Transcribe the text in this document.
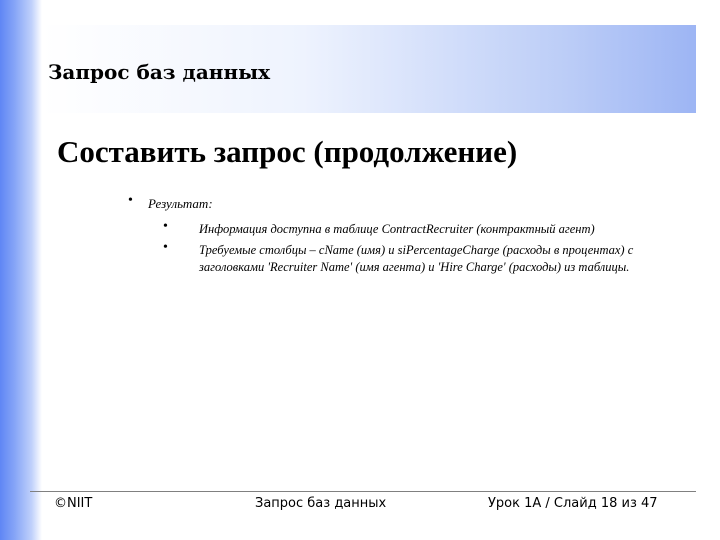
Запрос баз данных
Составить запрос (продолжение)
• Результат:
• Информация доступна в таблице ContractRecruiter (контрактный агент)
• Требуемые столбцы – cName (имя) и siPercentageCharge (расходы в процентах) с заголовками 'Recruiter Name' (имя агента) и 'Hire Charge' (расходы) из таблицы.
©NIIT	Запрос баз данных	Урок 1А / Слайд 18 из 47
